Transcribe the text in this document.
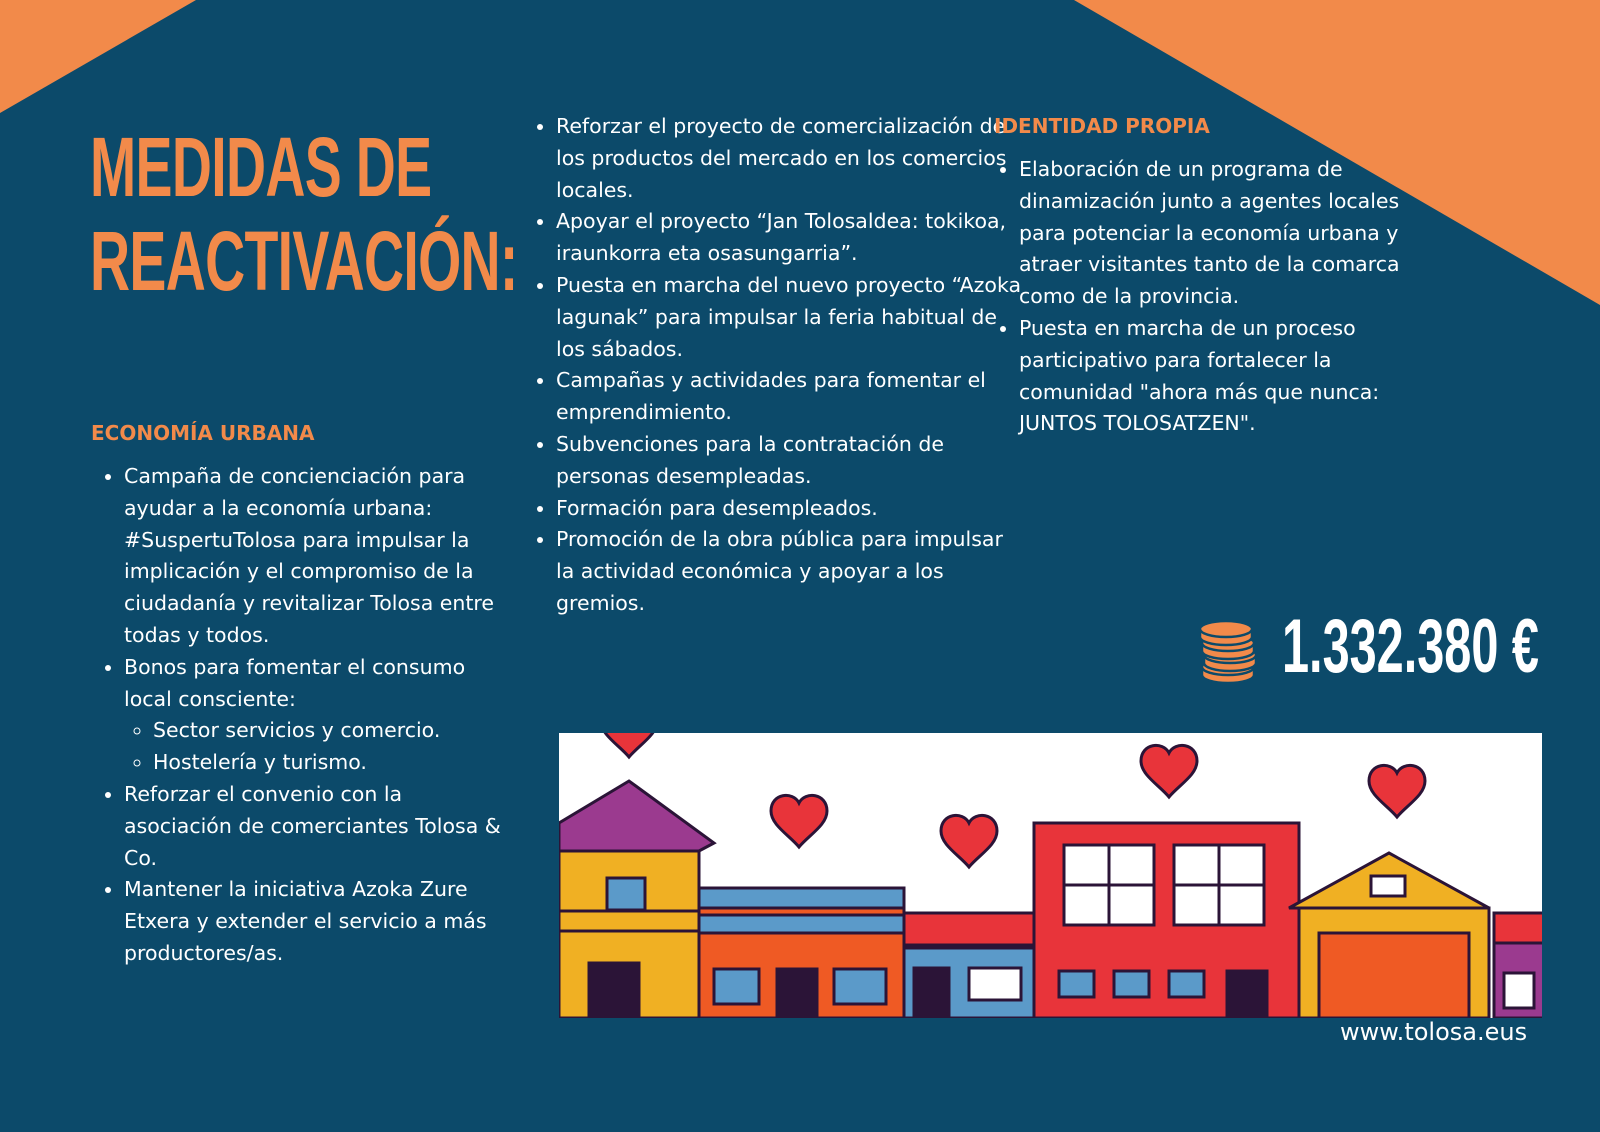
MEDIDAS DE
REACTIVACIÓN:
ECONOMÍA URBANA
• Campaña de concienciación para ayudar a la economía urbana: #SuspertuTolosa para impulsar la implicación y el compromiso de la ciudadanía y revitalizar Tolosa entre todas y todos.
• Bonos para fomentar el consumo local consciente:
◦ Sector servicios y comercio.
◦ Hostelería y turismo.
• Reforzar el convenio con la asociación de comerciantes Tolosa & Co.
• Mantener la iniciativa Azoka Zure Etxera y extender el servicio a más productores/as.
• Reforzar el proyecto de comercialización de los productos del mercado en los comercios locales.
• Apoyar el proyecto “Jan Tolosaldea: tokikoa, iraunkorra eta osasungarria”.
• Puesta en marcha del nuevo proyecto “Azoka lagunak” para impulsar la feria habitual de los sábados.
• Campañas y actividades para fomentar el emprendimiento.
• Subvenciones para la contratación de personas desempleadas.
• Formación para desempleados.
• Promoción de la obra pública para impulsar la actividad económica y apoyar a los gremios.
IDENTIDAD PROPIA
• Elaboración de un programa de dinamización junto a agentes locales para potenciar la economía urbana y atraer visitantes tanto de la comarca como de la provincia.
• Puesta en marcha de un proceso participativo para fortalecer la comunidad "ahora más que nunca: JUNTOS TOLOSATZEN".

1.332.380 €

www.tolosa.eus
